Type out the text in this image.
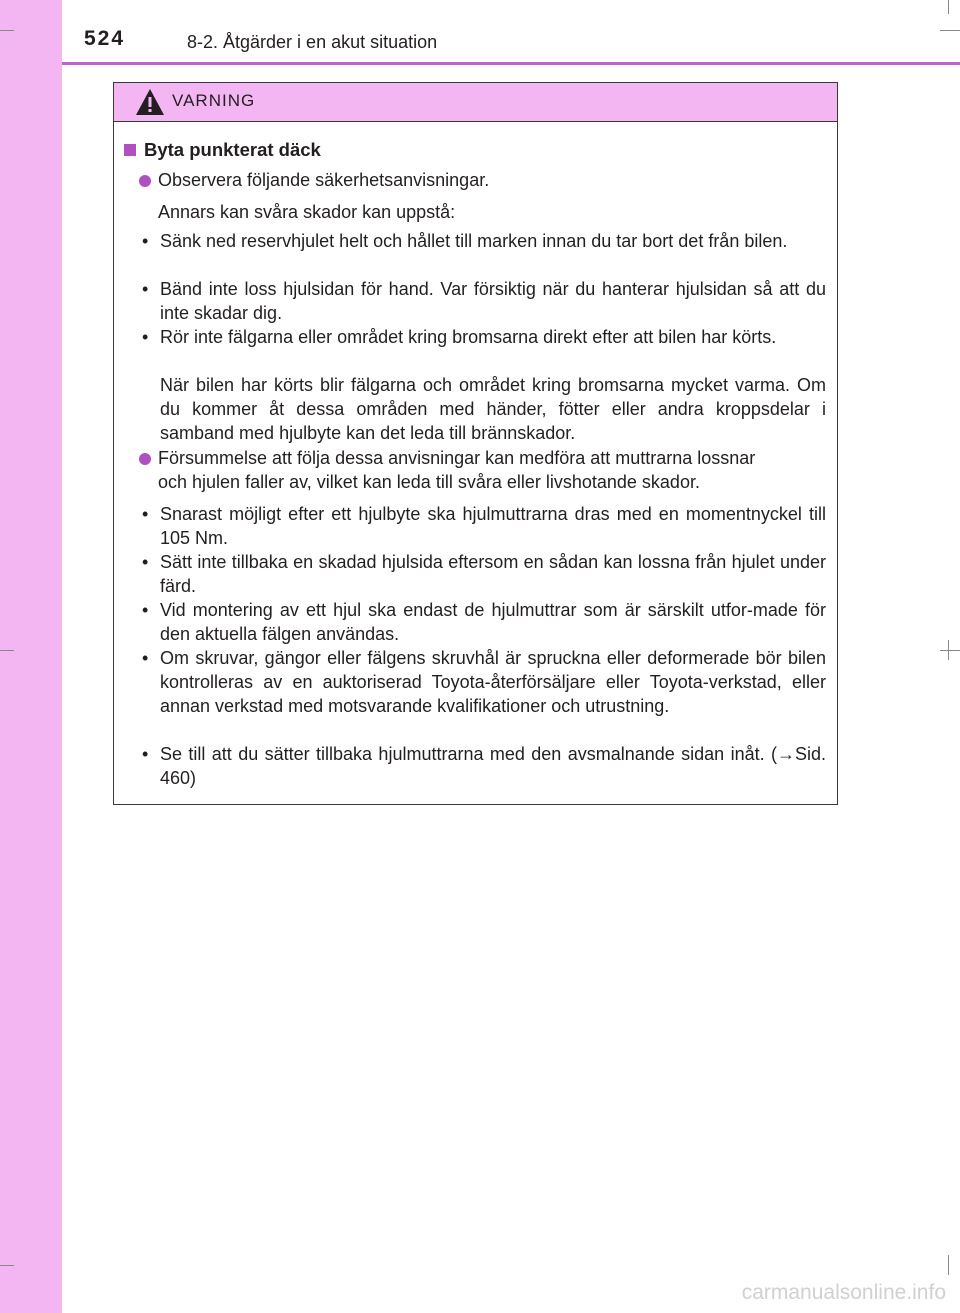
524	8-2. Åtgärder i en akut situation
VARNING
Byta punkterat däck
Observera följande säkerhetsanvisningar.
Annars kan svåra skador kan uppstå:
• Sänk ned reservhjulet helt och hållet till marken innan du tar bort det från bilen.
• Bänd inte loss hjulsidan för hand. Var försiktig när du hanterar hjulsidan så att du inte skadar dig.
• Rör inte fälgarna eller området kring bromsarna direkt efter att bilen har körts.
När bilen har körts blir fälgarna och området kring bromsarna mycket varma. Om du kommer åt dessa områden med händer, fötter eller andra kroppsdelar i samband med hjulbyte kan det leda till brännskador.
Försummelse att följa dessa anvisningar kan medföra att muttrarna lossnar
och hjulen faller av, vilket kan leda till svåra eller livshotande skador.
• Snarast möjligt efter ett hjulbyte ska hjulmuttrarna dras med en momentnyckel till 105 Nm.
• Sätt inte tillbaka en skadad hjulsida eftersom en sådan kan lossna från hjulet under färd.
• Vid montering av ett hjul ska endast de hjulmuttrar som är särskilt utfor-made för den aktuella fälgen användas.
• Om skruvar, gängor eller fälgens skruvhål är spruckna eller deformerade bör bilen kontrolleras av en auktoriserad Toyota-återförsäljare eller Toyota-verkstad, eller annan verkstad med motsvarande kvalifikationer och utrustning.
• Se till att du sätter tillbaka hjulmuttrarna med den avsmalnande sidan inåt. (→Sid. 460)
carmanualsonline.info
